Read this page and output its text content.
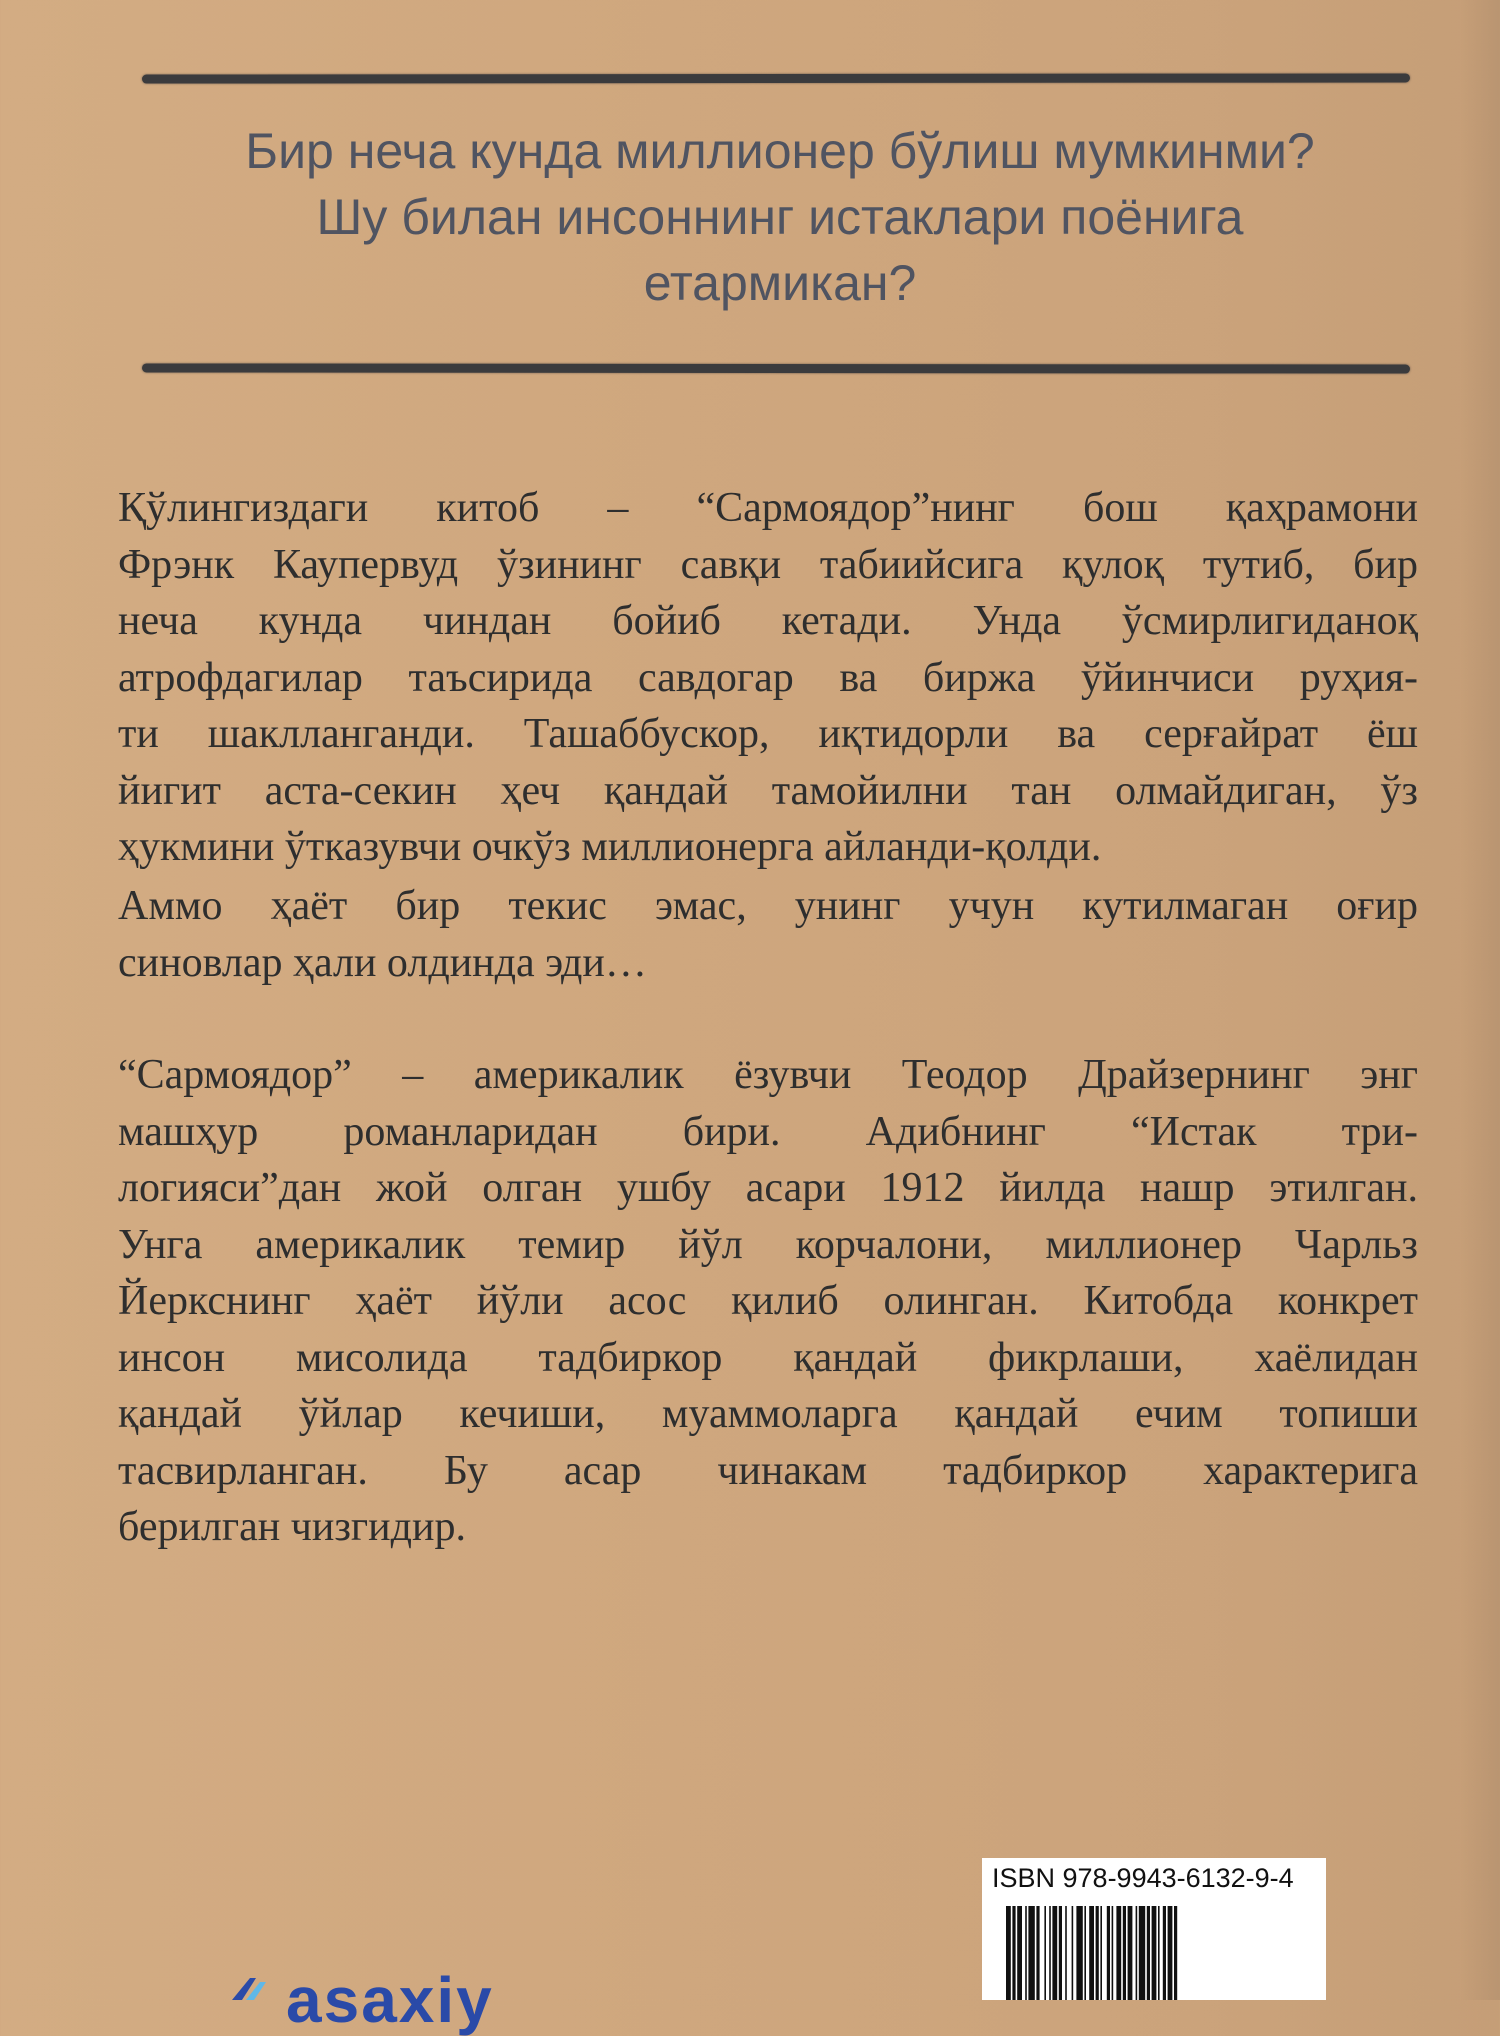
Бир неча кунда миллионер бўлиш мумкинми?
Шу билан инсоннинг истаклари поёнига
етармикан?
Қўлингиздаги китоб – “Сармоядор”нинг бош қаҳрамони
Фрэнк Каупервуд ўзининг савқи табиийсига қулоқ тутиб, бир
неча кунда чиндан бойиб кетади. Унда ўсмирлигиданоқ
атрофдагилар таъсирида савдогар ва биржа ўйинчиси руҳия-
ти шаклланганди. Ташаббускор, иқтидорли ва серғайрат ёш
йигит аста-секин ҳеч қандай тамойилни тан олмайдиган, ўз
ҳукмини ўтказувчи очкўз миллионерга айланди-қолди.
Аммо ҳаёт бир текис эмас, унинг учун кутилмаган оғир
синовлар ҳали олдинда эди…
“Сармоядор” – америкалик ёзувчи Теодор Драйзернинг энг
машҳур романларидан бири. Адибнинг “Истак три-
логияси”дан жой олган ушбу асари 1912 йилда нашр этилган.
Унга америкалик темир йўл корчалони, миллионер Чарльз
Йеркснинг ҳаёт йўли асос қилиб олинган. Китобда конкрет
инсон мисолида тадбиркор қандай фикрлаши, хаёлидан
қандай ўйлар кечиши, муаммоларга қандай ечим топиши
тасвирланган. Бу асар чинакам тадбиркор характерига
берилган чизгидир.
asaxiy
ISBN 978-9943-6132-9-4
